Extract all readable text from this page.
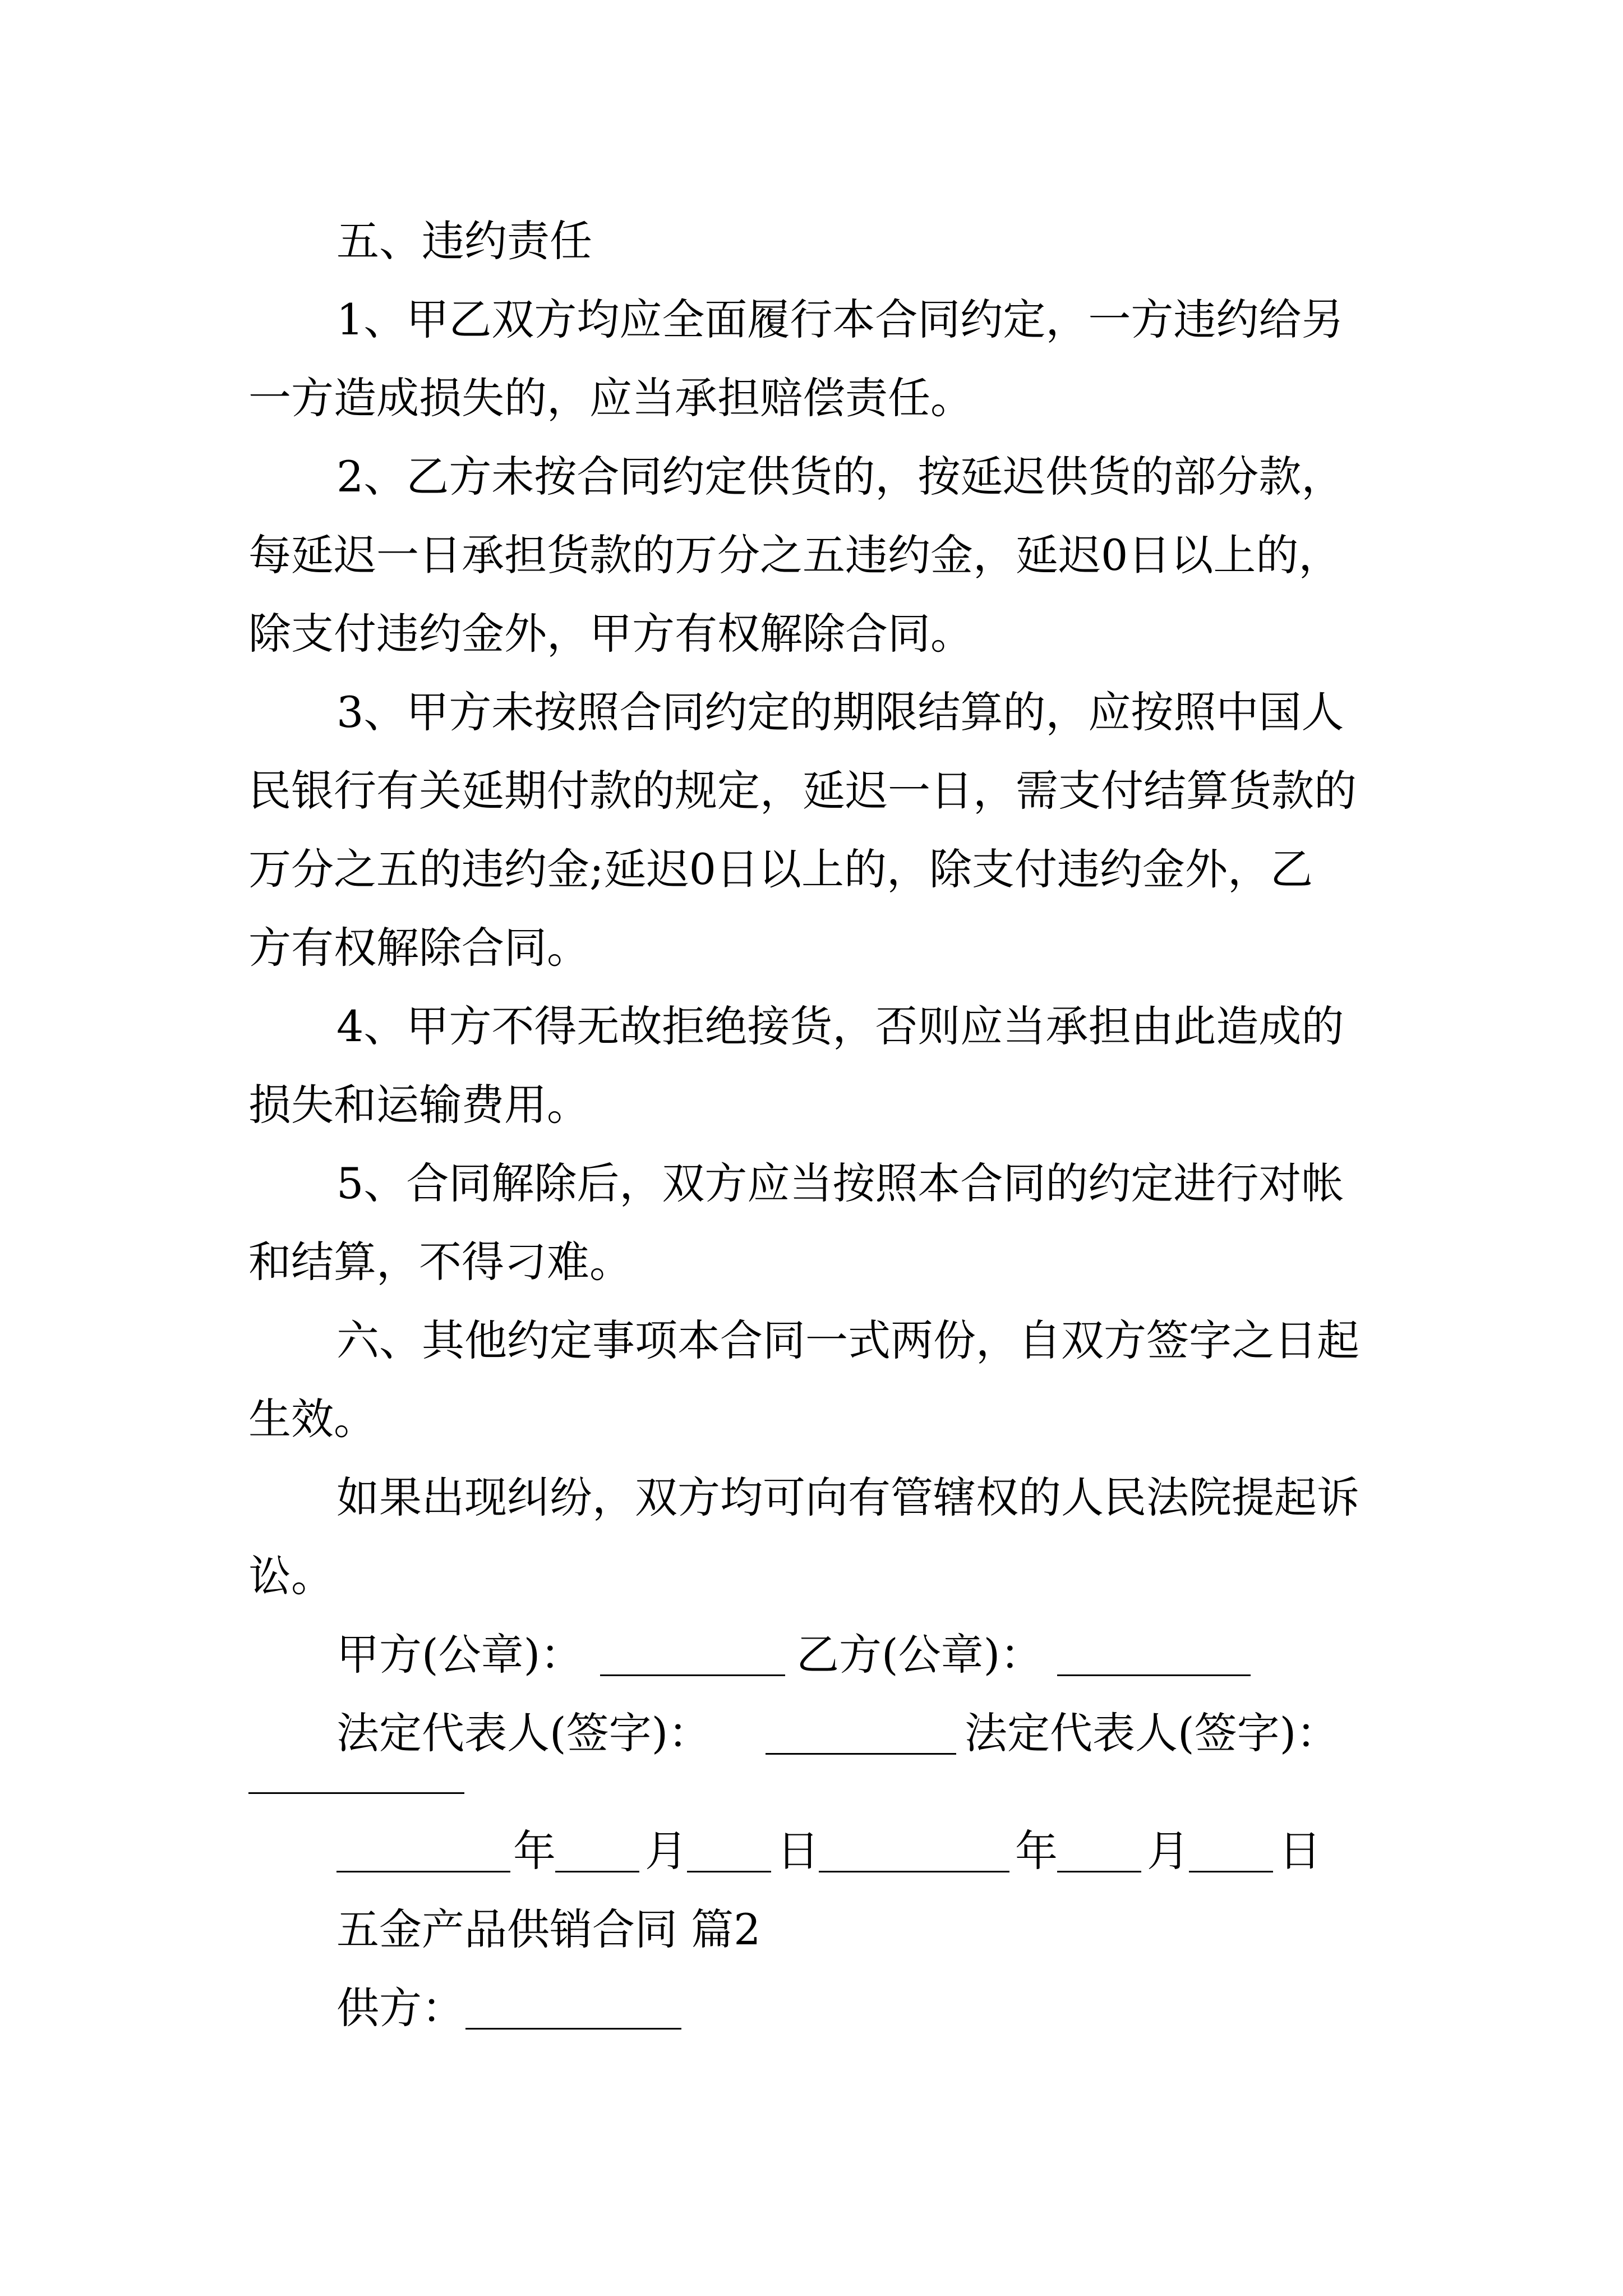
五、违约责任
1、甲乙双方均应全面履行本合同约定，一方违约给另
一方造成损失的，应当承担赔偿责任。
2、乙方未按合同约定供货的，按延迟供货的部分款，
每延迟一日承担货款的万分之五违约金，延迟0日以上的，
除支付违约金外，甲方有权解除合同。
3、甲方未按照合同约定的期限结算的，应按照中国人
民银行有关延期付款的规定，延迟一日，需支付结算货款的
万分之五的违约金;延迟0日以上的，除支付违约金外，乙
方有权解除合同。
4、甲方不得无故拒绝接货，否则应当承担由此造成的
损失和运输费用。
5、合同解除后，双方应当按照本合同的约定进行对帐
和结算，不得刁难。
六、其他约定事项本合同一式两份，自双方签字之日起
生效。
如果出现纠纷，双方均可向有管辖权的人民法院提起诉
讼。
甲方(公章)：	乙方(公章)：
法定代表人(签字)：	法定代表人(签字)：
年 月 日	年 月 日
五金产品供销合同 篇2
供方：
